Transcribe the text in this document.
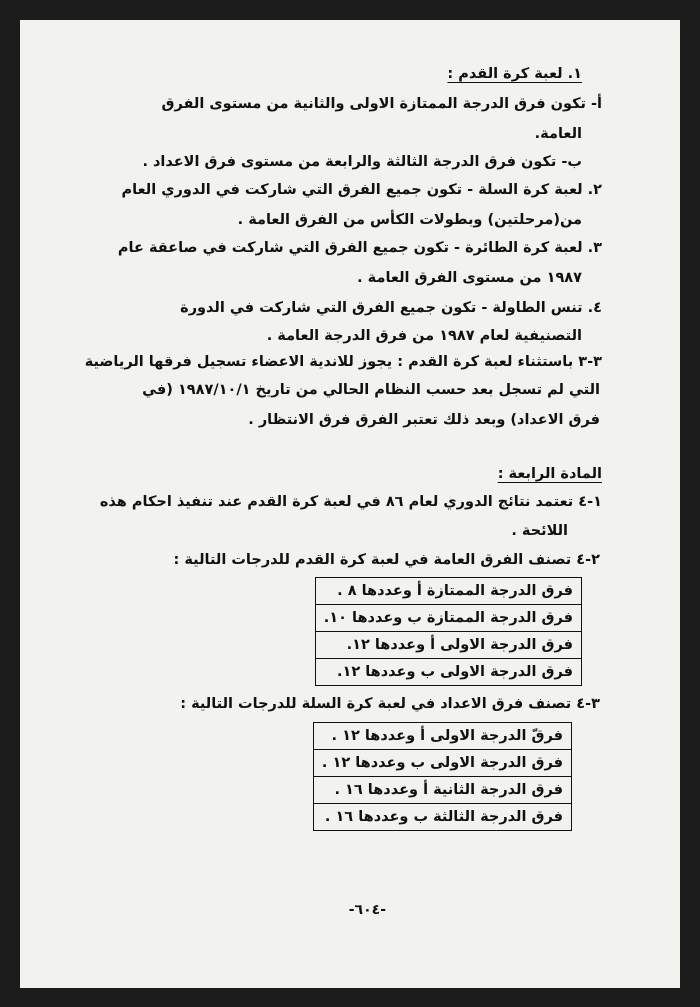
١. لعبة كرة القدم :
أ- تكون فرق الدرجة الممتازة الاولى والثانية من مستوى الفرق
العامة.
ب- تكون فرق الدرجة الثالثة والرابعة من مستوى فرق الاعداد .
٢. لعبة كرة السلة - تكون جميع الفرق التي شاركت في الدوري العام
من(مرحلتين) وبطولات الكأس من الفرق العامة .
٣. لعبة كرة الطائرة - تكون جميع الفرق التي شاركت في صاعقة عام
١٩٨٧ من مستوى الفرق العامة .
٤. تنس الطاولة - تكون جميع الفرق التي شاركت في الدورة
التصنيفية لعام ١٩٨٧ من فرق الدرجة العامة .
٣-٣ باستثناء لعبة كرة القدم : يجوز للاندية الاعضاء تسجيل فرقها الرياضية
التي لم تسجل بعد حسب النظام الحالي من تاريخ ١٩٨٧/١٠/١ (في
فرق الاعداد) وبعد ذلك تعتبر الفرق فرق الانتظار .
المادة الرابعة :
١-٤ تعتمد نتائج الدوري لعام ٨٦ في لعبة كرة القدم عند تنفيذ احكام هذه
اللائحة .
٢-٤ تصنف الفرق العامة في لعبة كرة القدم للدرجات التالية :
فرق الدرجة الممتازة أ وعددها ٨ .
فرق الدرجة الممتازة ب وعددها ١٠.
فرق الدرجة الاولى أ وعددها ١٢.
فرق الدرجة الاولى ب وعددها ١٢.
٣-٤ تصنف فرق الاعداد في لعبة كرة السلة للدرجات التالية :
فرقّ الدرجة الاولى أ وعددها ١٢ .
فرق الدرجة الاولى ب وعددها ١٢ .
فرق الدرجة الثانية أ وعددها ١٦ .
فرق الدرجة الثالثة ب وعددها ١٦ .
-٦٠٤-
